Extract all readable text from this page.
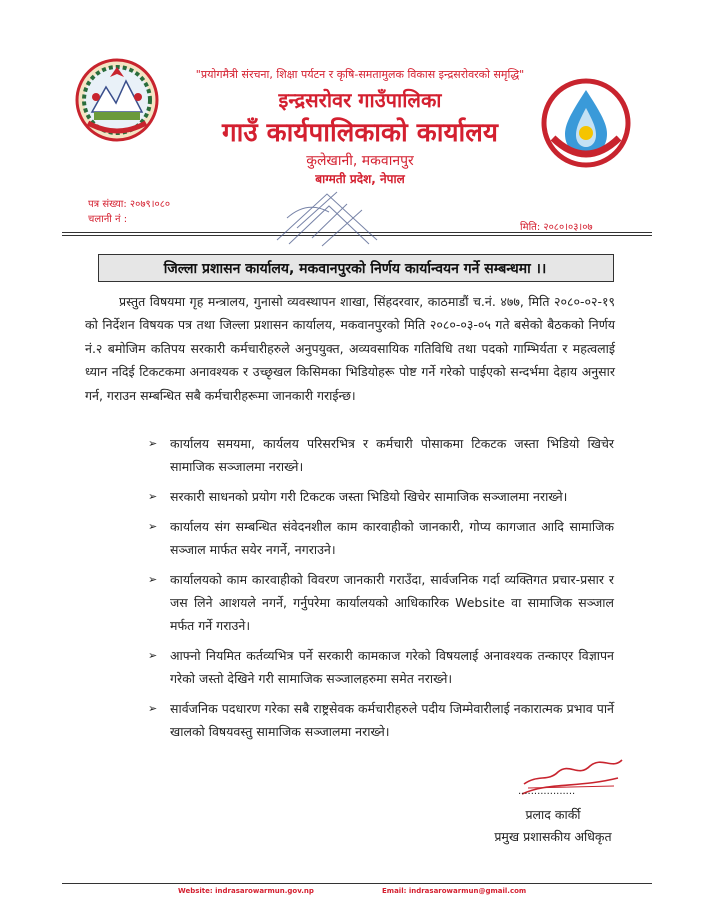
"प्रयोगमैत्री संरचना, शिक्षा पर्यटन र कृषि-समतामुलक विकास इन्द्रसरोवरको समृद्धि"
इन्द्रसरोवर गाउँपालिका
गाउँ कार्यपालिकाको कार्यालय
कुलेखानी, मकवानपुर
बाग्मती प्रदेश, नेपाल
पत्र संख्या: २०७९।०८०
चलानी नं :
मिति: २०८०।०३।०७
जिल्ला प्रशासन कार्यालय, मकवानपुरको निर्णय कार्यान्वयन गर्ने सम्बन्धमा ।।
प्रस्तुत विषयमा गृह मन्त्रालय, गुनासो व्यवस्थापन शाखा, सिंहदरवार, काठमाडौं च.नं. ४७७, मिति २०८०-०२-१९ को निर्देशन विषयक पत्र तथा जिल्ला प्रशासन कार्यालय, मकवानपुरको मिति २०८०-०३-०५ गते बसेको बैठकको निर्णय नं.२ बमोजिम कतिपय सरकारी कर्मचारीहरुले अनुपयुक्त, अव्यवसायिक गतिविधि तथा पदको गाम्भिर्यता र महत्वलाई ध्यान नदिई टिकटकमा अनावश्यक र उच्छृखल किसिमका भिडियोहरू पोष्ट गर्ने गरेको पाईएको सन्दर्भमा देहाय अनुसार गर्न, गराउन सम्बन्धित सबै कर्मचारीहरूमा जानकारी गराईन्छ।
➢ कार्यालय समयमा, कार्यलय परिसरभित्र र कर्मचारी पोसाकमा टिकटक जस्ता भिडियो खिचेर सामाजिक सञ्जालमा नराख्ने।
➢ सरकारी साधनको प्रयोग गरी टिकटक जस्ता भिडियो खिचेर सामाजिक सञ्जालमा नराख्ने।
➢ कार्यालय संग सम्बन्धित संवेदनशील काम कारवाहीको जानकारी, गोप्य कागजात आदि सामाजिक सञ्जाल मार्फत सयेर नगर्ने, नगराउने।
➢ कार्यालयको काम कारवाहीको विवरण जानकारी गराउँदा, सार्वजनिक गर्दा व्यक्तिगत प्रचार-प्रसार र जस लिने आशयले नगर्ने, गर्नुपरेमा कार्यालयको आधिकारिक Website वा सामाजिक सञ्जाल मर्फत गर्ने गराउने।
➢ आफ्नो नियमित कर्तव्यभित्र पर्ने सरकारी कामकाज गरेको विषयलाई अनावश्यक तन्काएर विज्ञापन गरेको जस्तो देखिने गरी सामाजिक सञ्जालहरुमा समेत नराख्ने।
➢ सार्वजनिक पदधारण गरेका सबै राष्ट्रसेवक कर्मचारीहरुले पदीय जिम्मेवारीलाई नकारात्मक प्रभाव पार्ने खालको विषयवस्तु सामाजिक सञ्जालमा नराख्ने।
..................
प्रलाद कार्की
प्रमुख प्रशासकीय अधिकृत
Website: indrasarowarmun.gov.np	Email: indrasarowarmun@gmail.com
